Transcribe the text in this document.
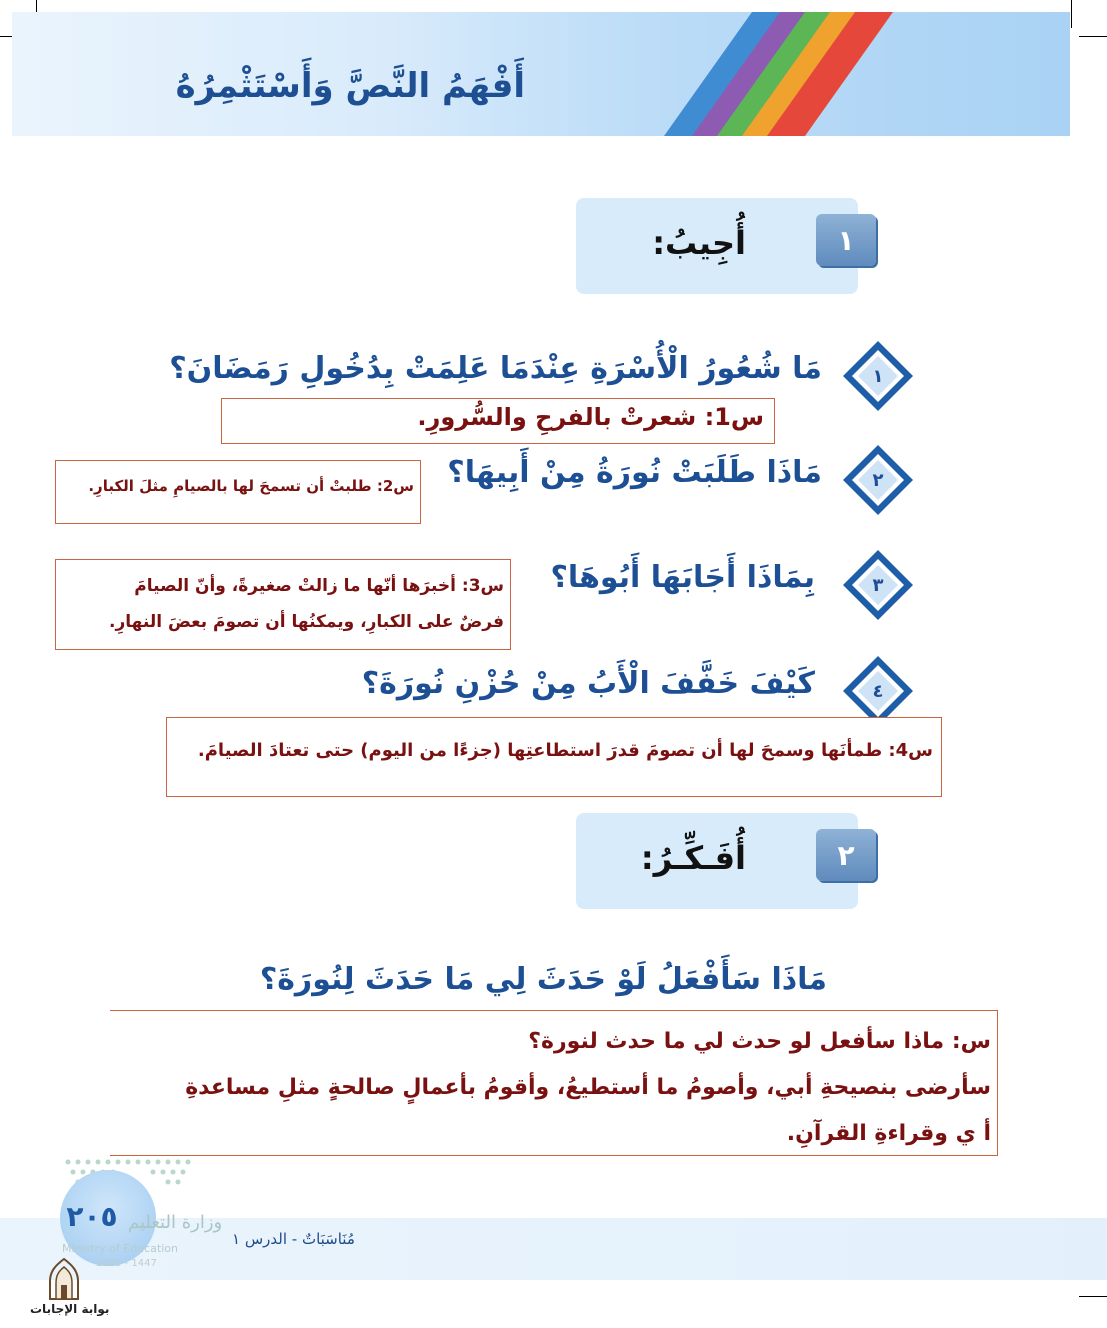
أَفْهَمُ النَّصَّ وَأَسْتَثْمِرُهُ
أُجِيبُ:	١
١
٢
٣
٤
مَا شُعُورُ الْأُسْرَةِ عِنْدَمَا عَلِمَتْ بِدُخُولِ رَمَضَانَ؟
مَاذَا طَلَبَتْ نُورَةُ مِنْ أَبِيهَا؟
بِمَاذَا أَجَابَهَا أَبُوهَا؟
كَيْفَ خَفَّفَ الْأَبُ مِنْ حُزْنِ نُورَةَ؟
س1: شعرتْ بالفرحِ والسُّرورِ.
س2: طلبتْ أن تسمحَ لها بالصيامِ مثلَ الكبارِ.
س3: أخبرَها أنّها ما زالتْ صغيرةً، وأنّ الصيامَ
فرضٌ على الكبارِ، ويمكنُها أن تصومَ بعضَ النهارِ.
س4: طمأنَها وسمحَ لها أن تصومَ قدرَ استطاعتِها (جزءًا من اليوم) حتى تعتادَ الصيامَ.
أُفَـكِّـرُ:	٢
مَاذَا سَأَفْعَلُ لَوْ حَدَثَ لِي مَا حَدَثَ لِنُورَةَ؟
س: ماذا سأفعل لو حدث لي ما حدث لنورة؟
سأرضى بنصيحةِ أبي، وأصومُ ما أستطيعُ، وأقومُ بأعمالٍ صالحةٍ مثلِ مساعدةِ
أ ي وقراءةِ القرآنِ.
مُنَاسَبَاتٌ - الدرس ١
٢٠٥ وزارة التعليم
Ministry of Education
2025 - 1447
بوابة الإجابات
